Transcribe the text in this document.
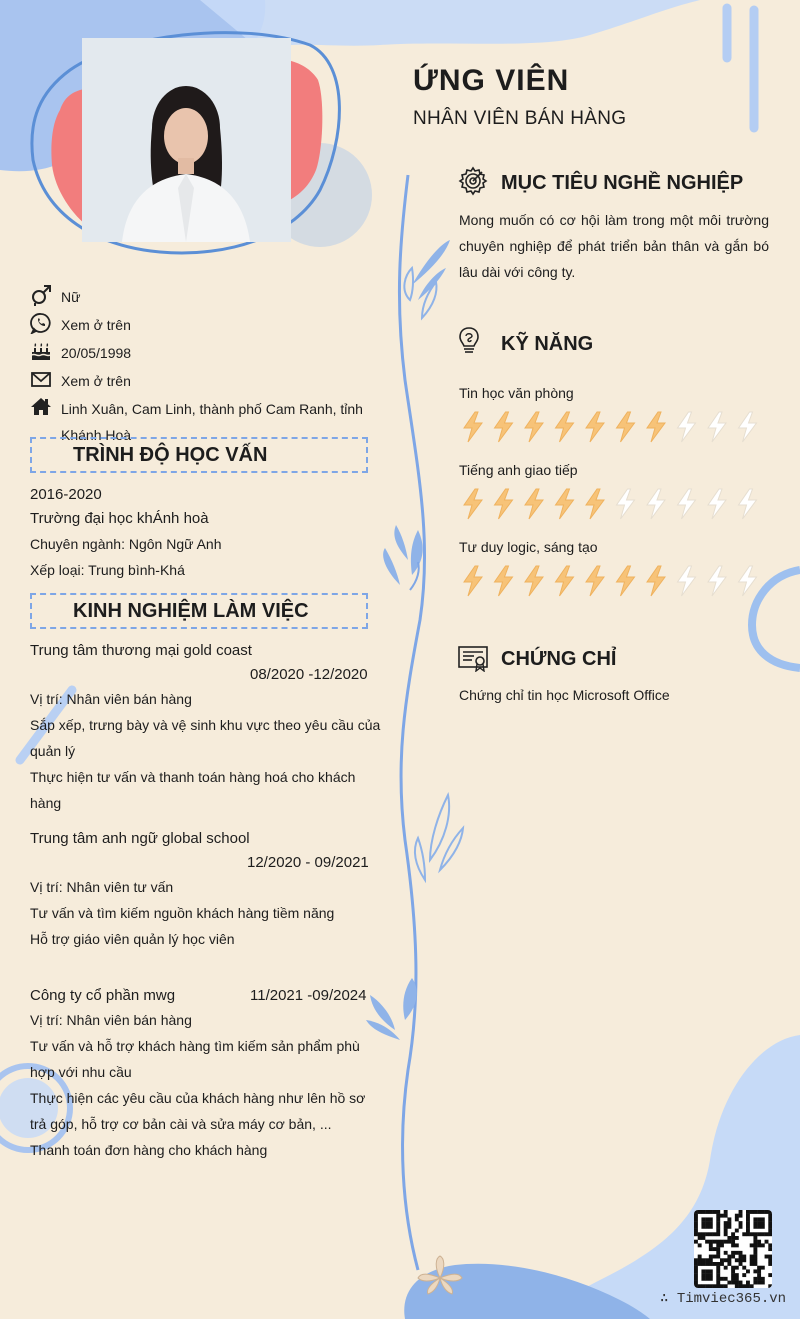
ỨNG VIÊN
NHÂN VIÊN BÁN HÀNG
Nữ
Xem ở trên
20/05/1998
Xem ở trên
Linh Xuân, Cam Linh, thành phố Cam Ranh, tỉnh Khánh Hoà
TRÌNH ĐỘ HỌC VẤN
2016-2020
Trường đại học khÁnh hoà
Chuyên ngành: Ngôn Ngữ Anh
Xếp loại: Trung bình-Khá
KINH NGHIỆM LÀM VIỆC
Trung tâm thương mại gold coast
08/2020 -12/2020
Vị trí: Nhân viên bán hàng
Sắp xếp, trưng bày và vệ sinh khu vực theo yêu cầu của
quản lý
Thực hiện tư vấn và thanh toán hàng hoá cho khách
hàng
Trung tâm anh ngữ global school
12/2020 - 09/2021
Vị trí: Nhân viên tư vấn
Tư vấn và tìm kiếm nguồn khách hàng tiềm năng
Hỗ trợ giáo viên quản lý học viên
Công ty cổ phần mwg	11/2021 -09/2024
Vị trí: Nhân viên bán hàng
Tư vấn và hỗ trợ khách hàng tìm kiếm sản phẩm phù
hợp với nhu cầu
Thực hiện các yêu cầu của khách hàng như lên hồ sơ
trả góp, hỗ trợ cơ bản cài và sửa máy cơ bản, ...
Thanh toán đơn hàng cho khách hàng
MỤC TIÊU NGHỀ NGHIỆP
Mong muốn có cơ hội làm trong một môi trường chuyên nghiệp để phát triển bản thân và gắn bó lâu dài với công ty.
KỸ NĂNG
Tin học văn phòng
Tiếng anh giao tiếp
Tư duy logic, sáng tạo
CHỨNG CHỈ
Chứng chỉ tin học Microsoft Office
∴ Timviec365.vn
